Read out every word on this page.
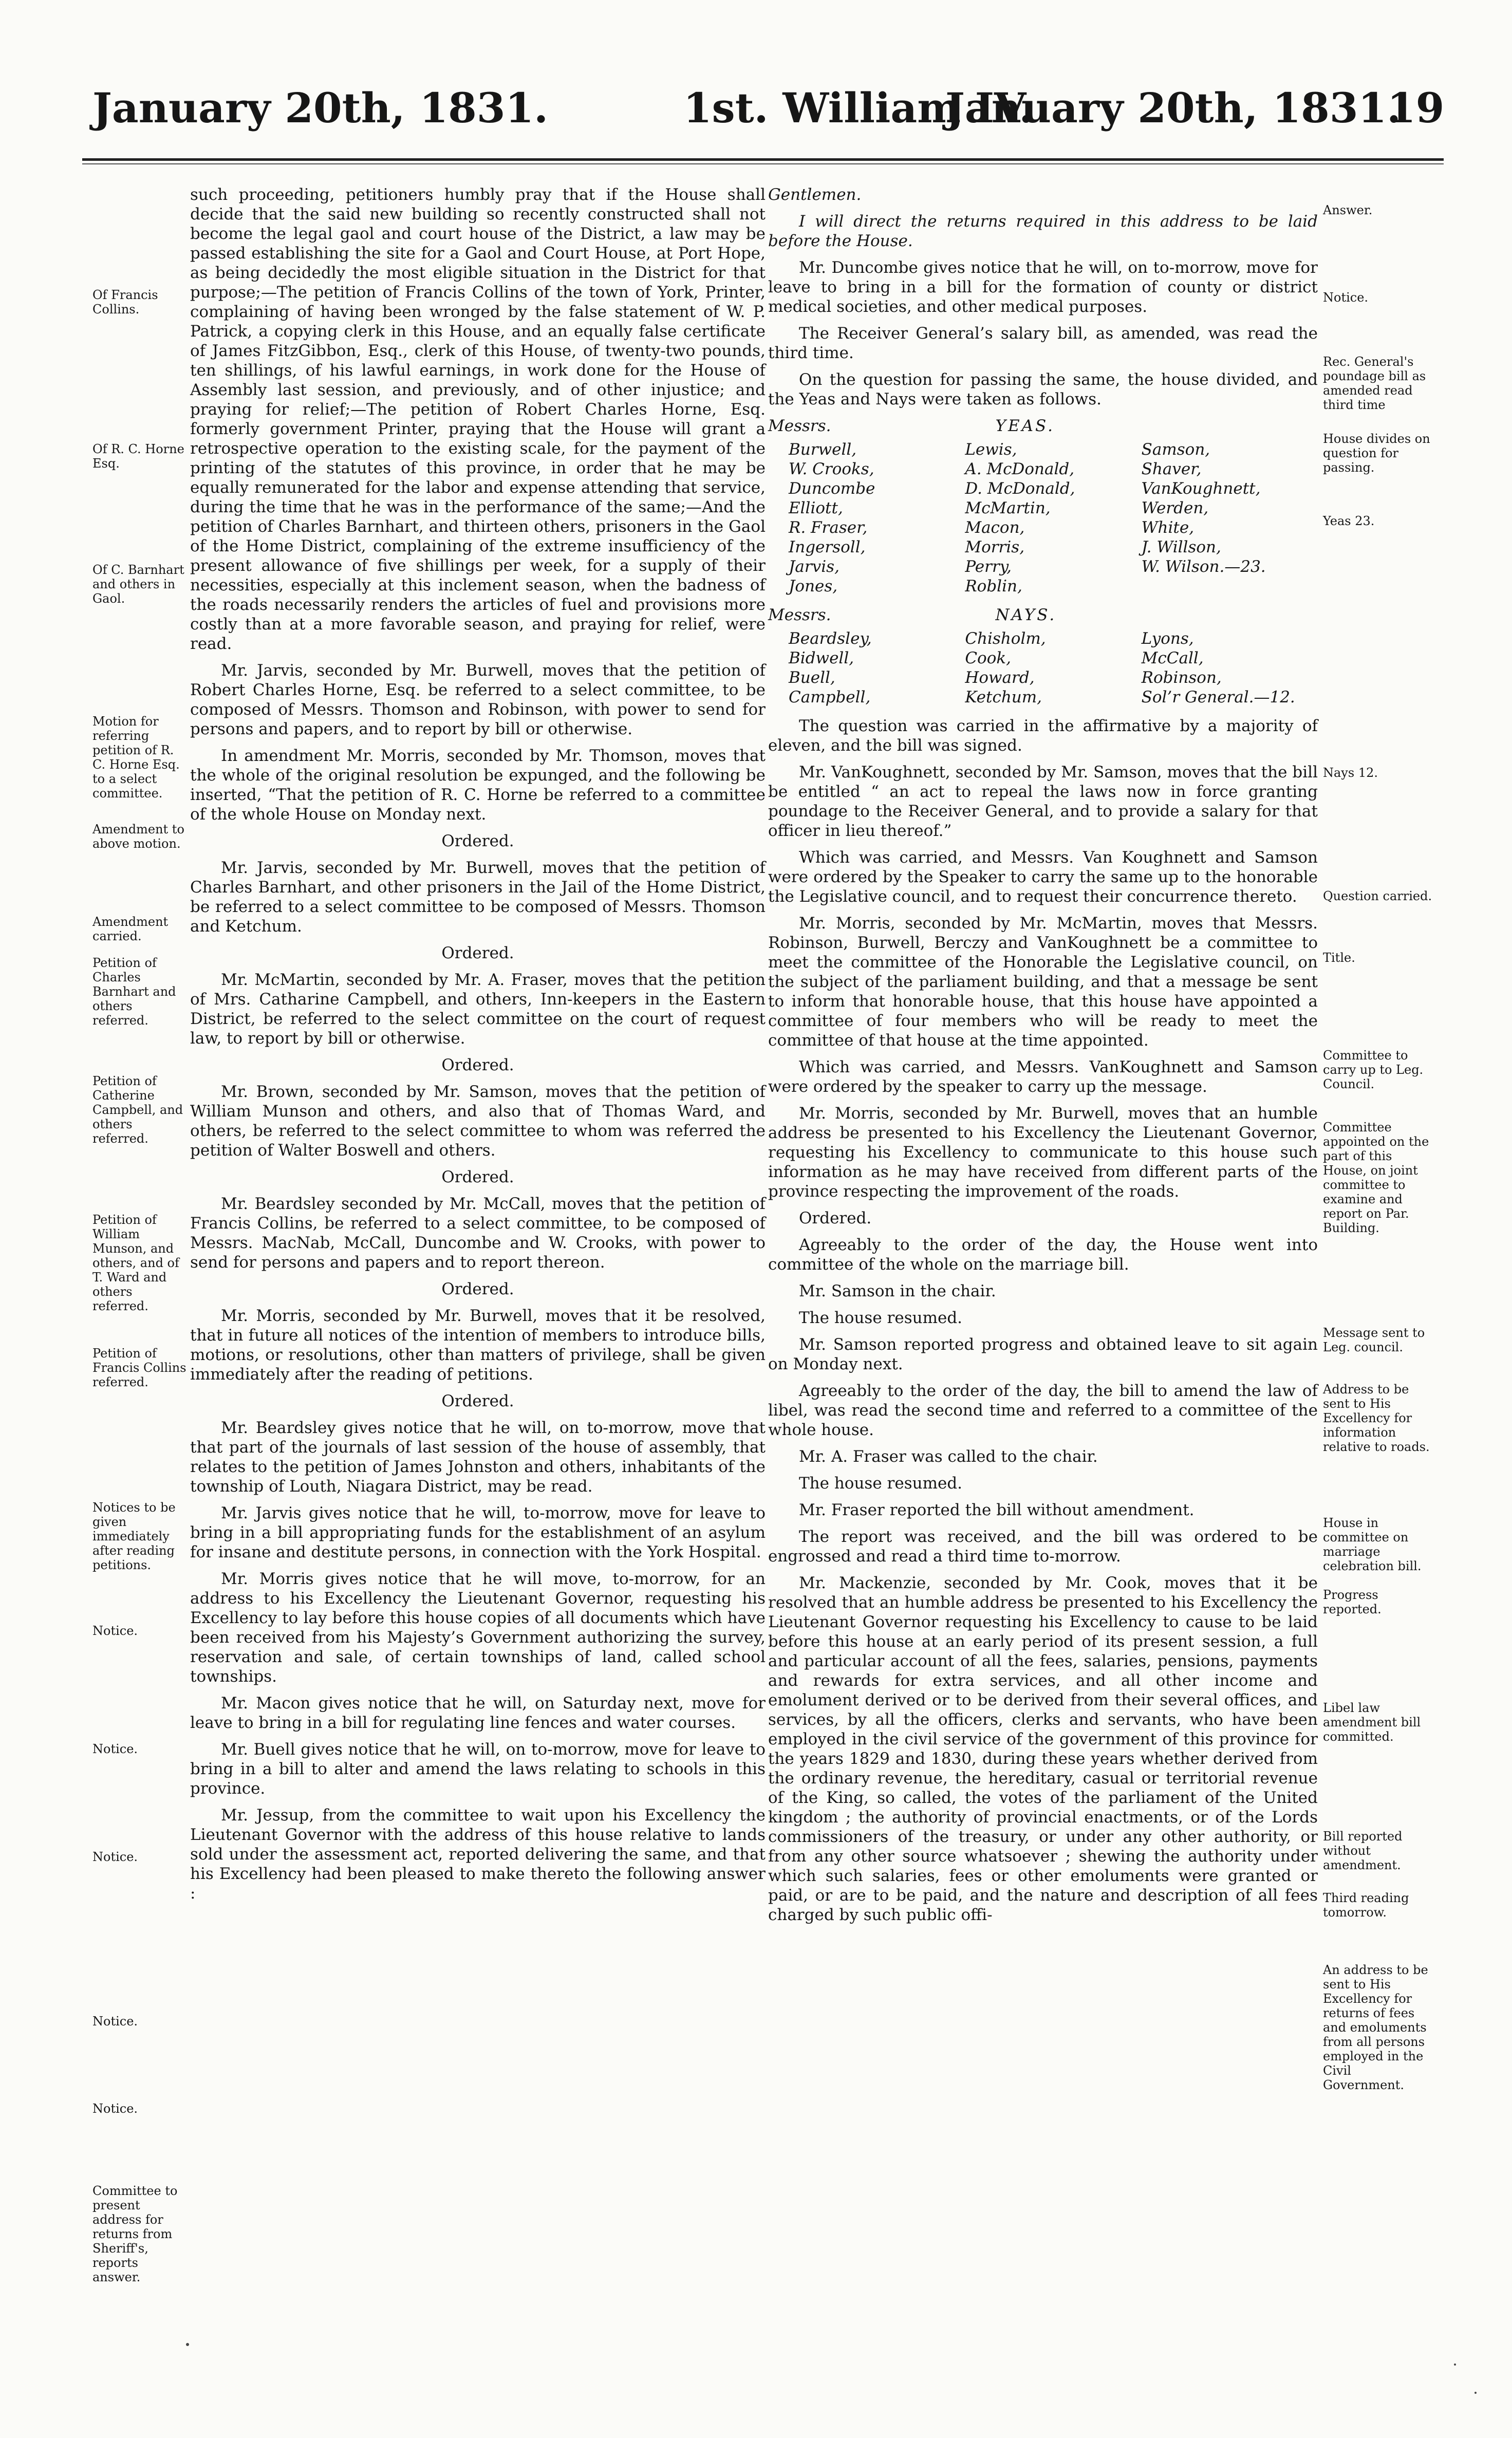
January 20th, 1831.	1st. William IV.
January 20th, 1831.
19

such proceeding, petitioners humbly pray that if the House shall decide that the said new building so recently constructed shall not become the legal gaol and court house of the District, a law may be passed establishing the site for a Gaol and Court House, at Port Hope, as being decidedly the most eligible situation in the District for that purpose;—The petition of Francis Collins of the town of York, Printer, complaining of having been wronged by the false statement of W. P. Patrick, a copying clerk in this House, and an equally false certificate of James FitzGibbon, Esq., clerk of this House, of twenty-two pounds, ten shillings, of his lawful earnings, in work done for the House of Assembly last session, and previously, and of other injustice; and praying for relief;—The petition of Robert Charles Horne, Esq. formerly government Printer, praying that the House will grant a retrospective operation to the existing scale, for the payment of the printing of the statutes of this province, in order that he may be equally remunerated for the labor and expense attending that service, during the time that he was in the performance of the same;—And the petition of Charles Barnhart, and thirteen others, prisoners in the Gaol of the Home District, complaining of the extreme insufficiency of the present allowance of five shillings per week, for a supply of their necessities, especially at this inclement season, when the badness of the roads necessarily renders the articles of fuel and provisions more costly than at a more favorable season, and praying for relief, were read.

Mr. Jarvis, seconded by Mr. Burwell, moves that the petition of Robert Charles Horne, Esq. be referred to a select committee, to be composed of Messrs. Thomson and Robinson, with power to send for persons and papers, and to report by bill or otherwise.

In amendment Mr. Morris, seconded by Mr. Thomson, moves that the whole of the original resolution be expunged, and the following be inserted, “That the petition of R. C. Horne be referred to a committee of the whole House on Monday next.

Ordered.

Mr. Jarvis, seconded by Mr. Burwell, moves that the petition of Charles Barnhart, and other prisoners in the Jail of the Home District, be referred to a select committee to be composed of Messrs. Thomson and Ketchum.

Ordered.

Mr. McMartin, seconded by Mr. A. Fraser, moves that the petition of Mrs. Catharine Campbell, and others, Inn-keepers in the Eastern District, be referred to the select committee on the court of request law, to report by bill or otherwise.

Ordered.

Mr. Brown, seconded by Mr. Samson, moves that the petition of William Munson and others, and also that of Thomas Ward, and others, be referred to the select committee to whom was referred the petition of Walter Boswell and others.

Ordered.

Mr. Beardsley seconded by Mr. McCall, moves that the petition of Francis Collins, be referred to a select committee, to be composed of Messrs. MacNab, McCall, Duncombe and W. Crooks, with power to send for persons and papers and to report thereon.

Ordered.

Mr. Morris, seconded by Mr. Burwell, moves that it be resolved, that in future all notices of the intention of members to introduce bills, motions, or resolutions, other than matters of privilege, shall be given immediately after the reading of petitions.

Ordered.

Mr. Beardsley gives notice that he will, on to-morrow, move that that part of the journals of last session of the house of assembly, that relates to the petition of James Johnston and others, inhabitants of the township of Louth, Niagara District, may be read.

Mr. Jarvis gives notice that he will, to-morrow, move for leave to bring in a bill appropriating funds for the establishment of an asylum for insane and destitute persons, in connection with the York Hospital.

Mr. Morris gives notice that he will move, to-morrow, for an address to his Excellency the Lieutenant Governor, requesting his Excellency to lay before this house copies of all documents which have been received from his Majesty’s Government authorizing the survey, reservation and sale, of certain townships of land, called school townships.

Mr. Macon gives notice that he will, on Saturday next, move for leave to bring in a bill for regulating line fences and water courses.

Mr. Buell gives notice that he will, on to-morrow, move for leave to bring in a bill to alter and amend the laws relating to schools in this province.

Mr. Jessup, from the committee to wait upon his Excellency the Lieutenant Governor with the address of this house relative to lands sold under the assessment act, reported delivering the same, and that his Excellency had been pleased to make thereto the following answer :

Of Francis Collins.
Of R. C. Horne Esq.
Of C. Barnhart and others in Gaol.
Motion for referring petition of R. C. Horne Esq. to a select committee.
Amendment to above motion.
Amendment carried.
Petition of Charles Barnhart and others referred.
Petition of Catherine Campbell, and others referred.
Petition of William Munson, and others, and of T. Ward and others referred.
Petition of Francis Collins referred.
Notices to be given immediately after reading petitions.
Notice.
Notice.
Notice.
Notice.
Notice.
Committee to present address for returns from Sheriff's, reports answer.

Gentlemen.

I will direct the returns required in this address to be laid before the House.

Mr. Duncombe gives notice that he will, on to-morrow, move for leave to bring in a bill for the formation of county or district medical societies, and other medical purposes.

The Receiver General’s salary bill, as amended, was read the third time.

On the question for passing the same, the house divided, and the Yeas and Nays were taken as follows.

Messrs.	YEAS.
Burwell,	Lewis,	Samson,
W. Crooks,	A. McDonald,	Shaver,
Duncombe	D. McDonald,	VanKoughnett,
Elliott,	McMartin,	Werden,
R. Fraser,	Macon,	White,
Ingersoll,	Morris,	J. Willson,
Jarvis,	Perry,	W. Wilson.—23.
Jones,	Roblin,
Messrs.	NAYS.
Beardsley,	Chisholm,	Lyons,
Bidwell,	Cook,	McCall,
Buell,	Howard,	Robinson,
Campbell,	Ketchum,	Sol’r General.—12.

The question was carried in the affirmative by a majority of eleven, and the bill was signed.

Mr. VanKoughnett, seconded by Mr. Samson, moves that the bill be entitled “ an act to repeal the laws now in force granting poundage to the Receiver General, and to provide a salary for that officer in lieu thereof.”

Which was carried, and Messrs. Van Koughnett and Samson were ordered by the Speaker to carry the same up to the honorable the Legislative council, and to request their concurrence thereto.

Mr. Morris, seconded by Mr. McMartin, moves that Messrs. Robinson, Burwell, Berczy and VanKoughnett be a committee to meet the committee of the Honorable the Legislative council, on the subject of the parliament building, and that a message be sent to inform that honorable house, that this house have appointed a committee of four members who will be ready to meet the committee of that house at the time appointed.

Which was carried, and Messrs. VanKoughnett and Samson were ordered by the speaker to carry up the message.

Mr. Morris, seconded by Mr. Burwell, moves that an humble address be presented to his Excellency the Lieutenant Governor, requesting his Excellency to communicate to this house such information as he may have received from different parts of the province respecting the improvement of the roads.

Ordered.

Agreeably to the order of the day, the House went into committee of the whole on the marriage bill.

Mr. Samson in the chair.

The house resumed.

Mr. Samson reported progress and obtained leave to sit again on Monday next.

Agreeably to the order of the day, the bill to amend the law of libel, was read the second time and referred to a committee of the whole house.

Mr. A. Fraser was called to the chair.

The house resumed.

Mr. Fraser reported the bill without amendment.

The report was received, and the bill was ordered to be engrossed and read a third time to-morrow.

Mr. Mackenzie, seconded by Mr. Cook, moves that it be resolved that an humble address be presented to his Excellency the Lieutenant Governor requesting his Excellency to cause to be laid before this house at an early period of its present session, a full and particular account of all the fees, salaries, pensions, payments and rewards for extra services, and all other income and emolument derived or to be derived from their several offices, and services, by all the officers, clerks and servants, who have been employed in the civil service of the government of this province for the years 1829 and 1830, during these years whether derived from the ordinary revenue, the hereditary, casual or territorial revenue of the King, so called, the votes of the parliament of the United kingdom ; the authority of provincial enactments, or of the Lords commissioners of the treasury, or under any other authority, or from any other source whatsoever ; shewing the authority under which such salaries, fees or other emoluments were granted or paid, or are to be paid, and the nature and description of all fees charged by such public offi-

Answer.
Notice.
Rec. General's poundage bill as amended read third time
House divides on question for passing.
Yeas 23.
Nays 12.
Question carried.
Title.
Committee to carry up to Leg. Council.
Committee appointed on the part of this House, on joint committee to examine and report on Par. Building.
Message sent to Leg. council.
Address to be sent to His Excellency for information relative to roads.
House in committee on marriage celebration bill.
Progress reported.
Libel law amendment bill committed.
Bill reported without amendment.
Third reading tomorrow.
An address to be sent to His Excellency for returns of fees and emoluments from all persons employed in the Civil Government.
